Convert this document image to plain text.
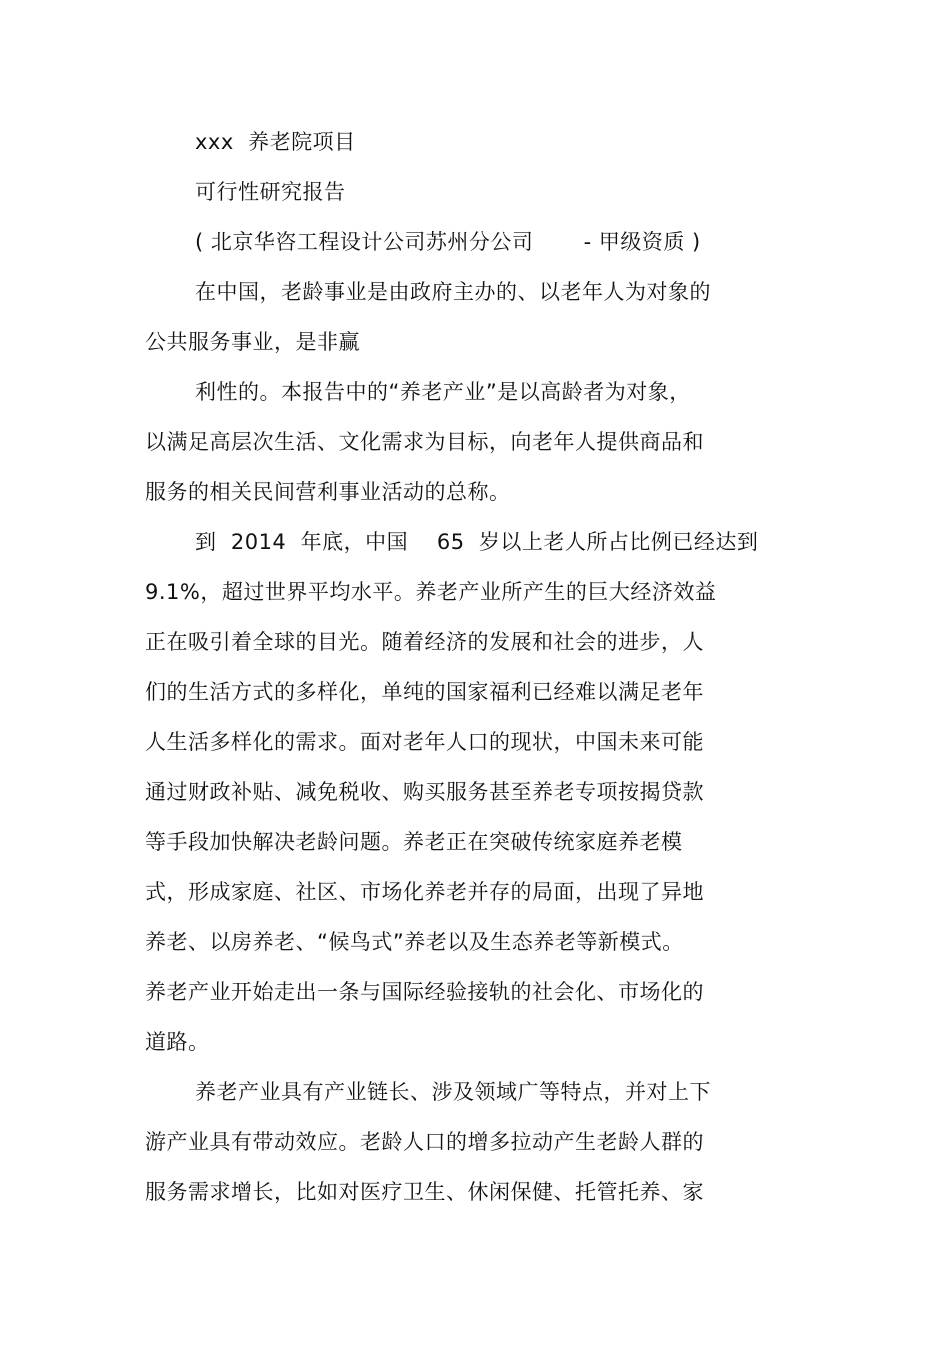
xxx  养老院项目
可行性研究报告
( 北京华咨工程设计公司苏州分公司       - 甲级资质 )
在中国，老龄事业是由政府主办的、以老年人为对象的
公共服务事业，是非赢
利性的。本报告中的“养老产业”是以高龄者为对象，
以满足高层次生活、文化需求为目标，向老年人提供商品和
服务的相关民间营利事业活动的总称。
到  2014  年底，中国    65  岁以上老人所占比例已经达到
9.1%，超过世界平均水平。养老产业所产生的巨大经济效益
正在吸引着全球的目光。随着经济的发展和社会的进步，人
们的生活方式的多样化，单纯的国家福利已经难以满足老年
人生活多样化的需求。面对老年人口的现状，中国未来可能
通过财政补贴、减免税收、购买服务甚至养老专项按揭贷款
等手段加快解决老龄问题。养老正在突破传统家庭养老模
式，形成家庭、社区、市场化养老并存的局面，出现了异地
养老、以房养老、“候鸟式”养老以及生态养老等新模式。
养老产业开始走出一条与国际经验接轨的社会化、市场化的
道路。
养老产业具有产业链长、涉及领域广等特点，并对上下
游产业具有带动效应。老龄人口的增多拉动产生老龄人群的
服务需求增长，比如对医疗卫生、休闲保健、托管托养、家
